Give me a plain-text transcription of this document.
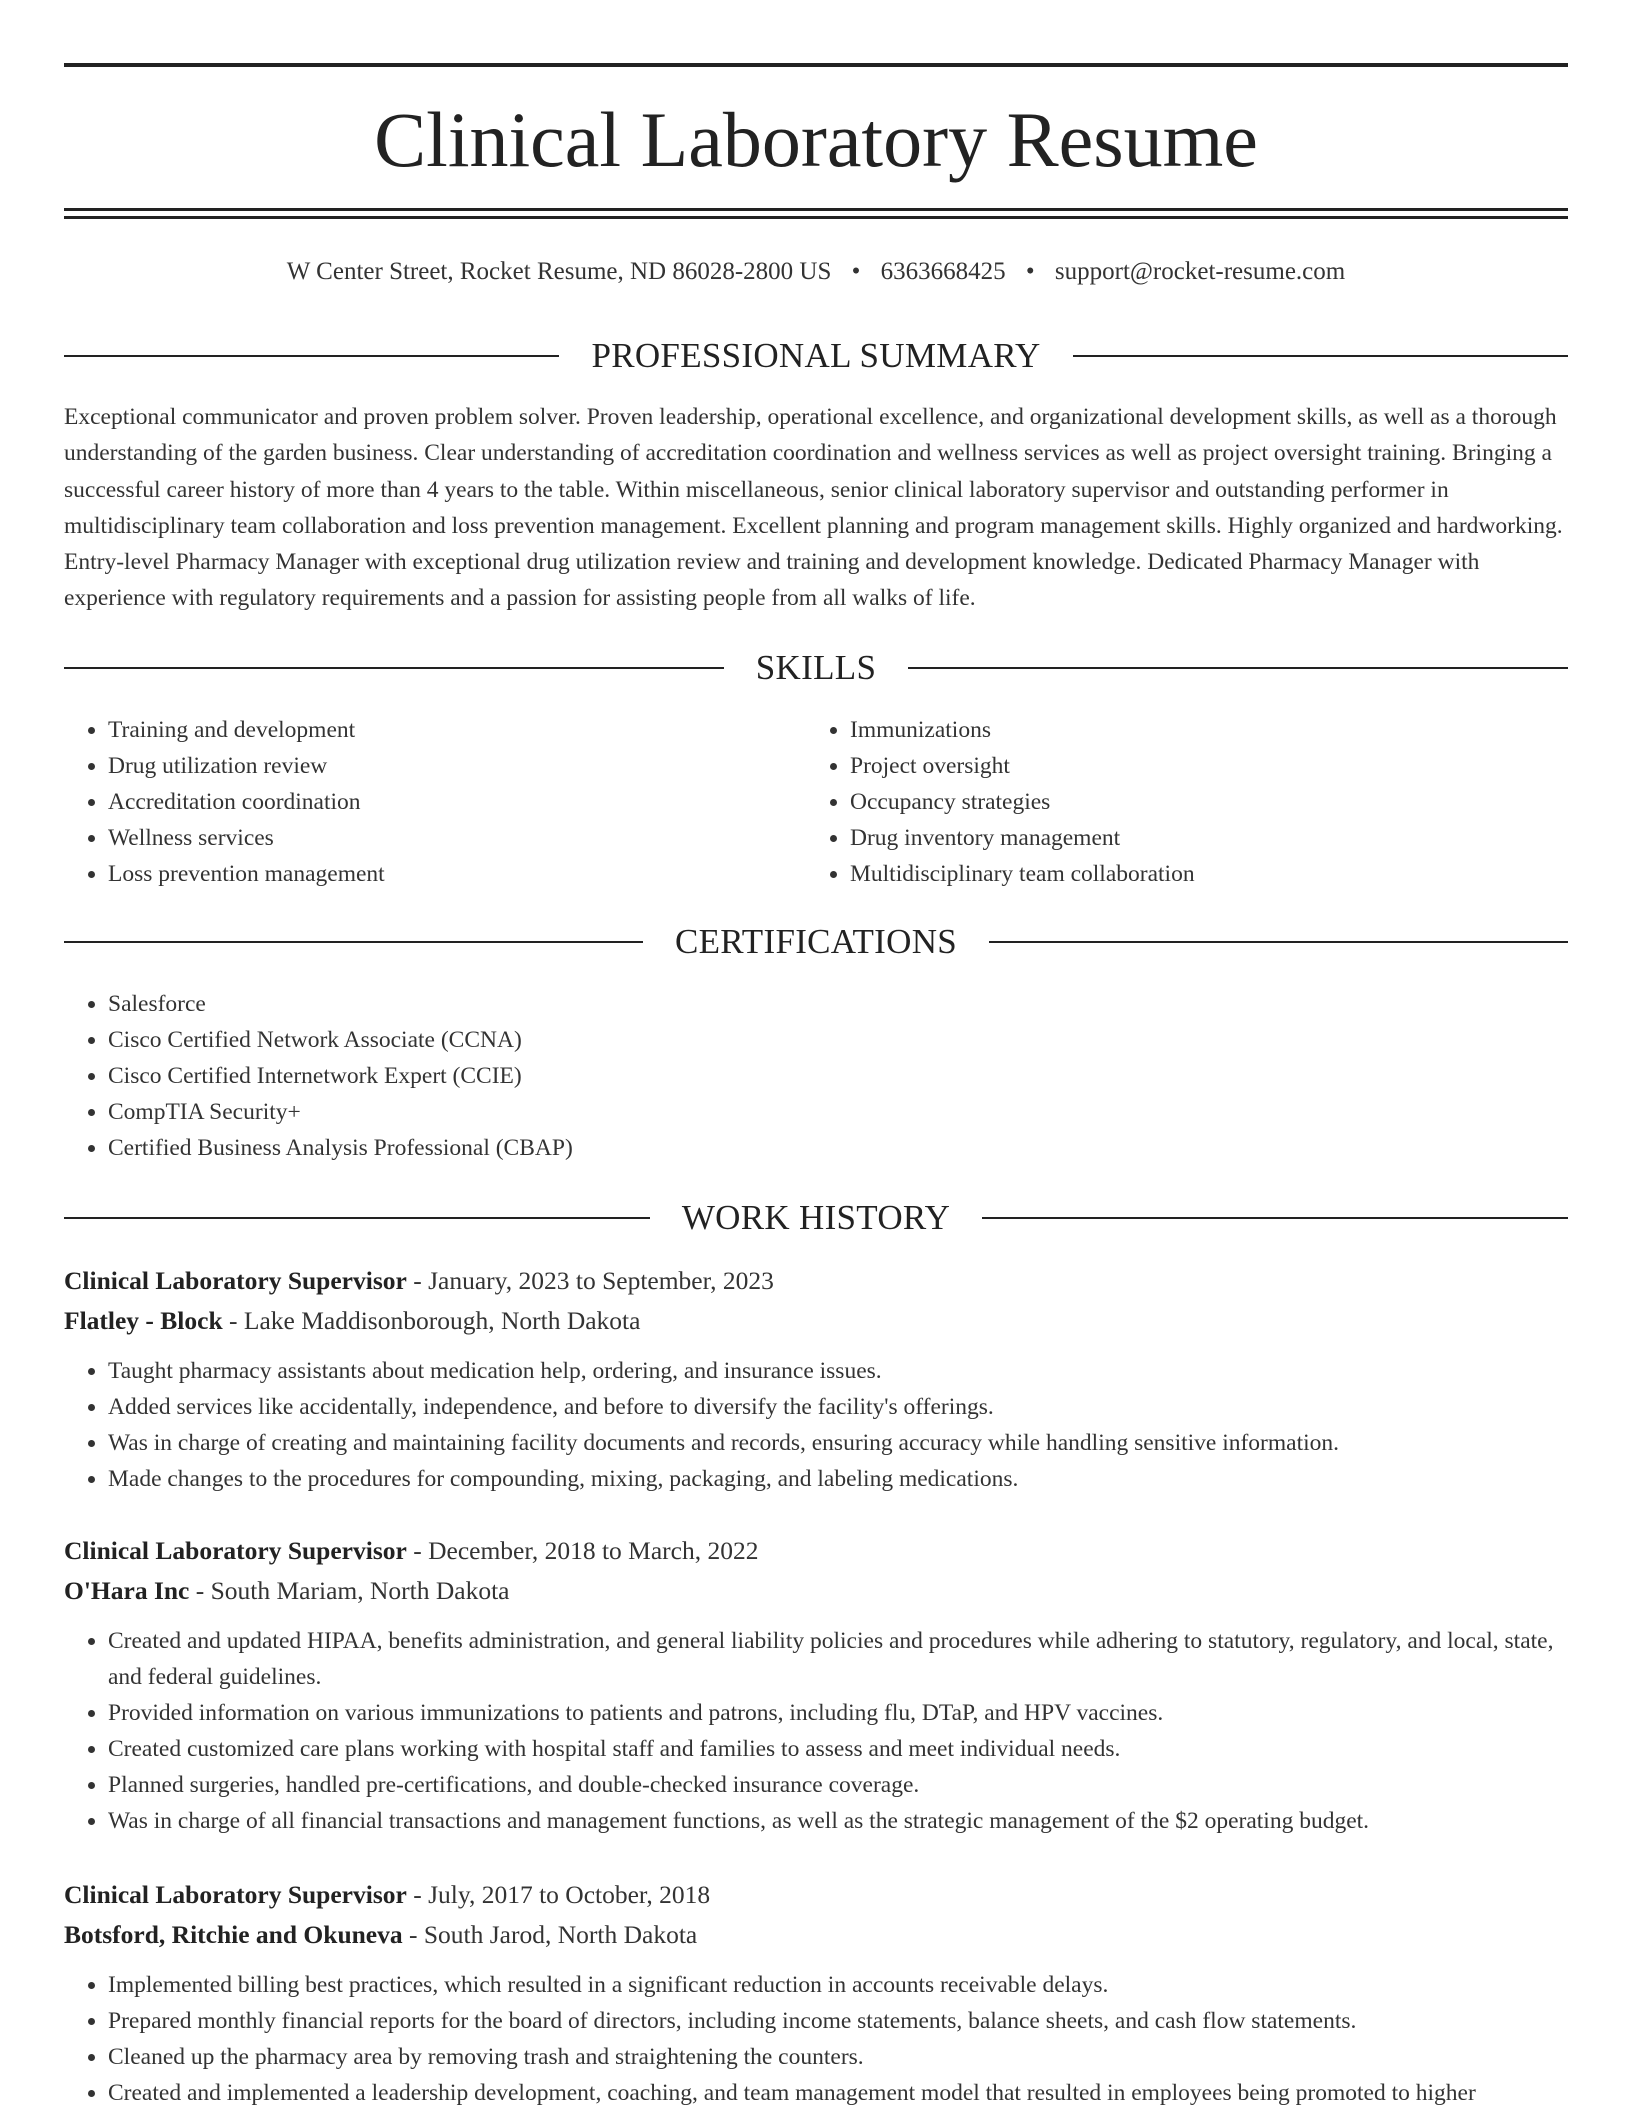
Clinical Laboratory Resume
W Center Street, Rocket Resume, ND 86028-2800 US • 6363668425 • support@rocket-resume.com
PROFESSIONAL SUMMARY

Exceptional communicator and proven problem solver. Proven leadership, operational excellence, and organizational development skills, as well as a thorough understanding of the garden business. Clear understanding of accreditation coordination and wellness services as well as project oversight training. Bringing a successful career history of more than 4 years to the table. Within miscellaneous, senior clinical laboratory supervisor and outstanding performer in multidisciplinary team collaboration and loss prevention management. Excellent planning and program management skills. Highly organized and hardworking. Entry-level Pharmacy Manager with exceptional drug utilization review and training and development knowledge. Dedicated Pharmacy Manager with experience with regulatory requirements and a passion for assisting people from all walks of life.

SKILLS
• Training and development
• Drug utilization review
• Accreditation coordination
• Wellness services
• Loss prevention management
• Immunizations
• Project oversight
• Occupancy strategies
• Drug inventory management
• Multidisciplinary team collaboration
CERTIFICATIONS
• Salesforce
• Cisco Certified Network Associate (CCNA)
• Cisco Certified Internetwork Expert (CCIE)
• CompTIA Security+
• Certified Business Analysis Professional (CBAP)
WORK HISTORY
Clinical Laboratory Supervisor - January, 2023 to September, 2023
Flatley - Block - Lake Maddisonborough, North Dakota
• Taught pharmacy assistants about medication help, ordering, and insurance issues.
• Added services like accidentally, independence, and before to diversify the facility's offerings.
• Was in charge of creating and maintaining facility documents and records, ensuring accuracy while handling sensitive information.
• Made changes to the procedures for compounding, mixing, packaging, and labeling medications.
Clinical Laboratory Supervisor - December, 2018 to March, 2022
O'Hara Inc - South Mariam, North Dakota
• Created and updated HIPAA, benefits administration, and general liability policies and procedures while adhering to statutory, regulatory, and local, state, and federal guidelines.
• Provided information on various immunizations to patients and patrons, including flu, DTaP, and HPV vaccines.
• Created customized care plans working with hospital staff and families to assess and meet individual needs.
• Planned surgeries, handled pre-certifications, and double-checked insurance coverage.
• Was in charge of all financial transactions and management functions, as well as the strategic management of the $2 operating budget.
Clinical Laboratory Supervisor - July, 2017 to October, 2018
Botsford, Ritchie and Okuneva - South Jarod, North Dakota
• Implemented billing best practices, which resulted in a significant reduction in accounts receivable delays.
• Prepared monthly financial reports for the board of directors, including income statements, balance sheets, and cash flow statements.
• Cleaned up the pharmacy area by removing trash and straightening the counters.
• Created and implemented a leadership development, coaching, and team management model that resulted in employees being promoted to higher
